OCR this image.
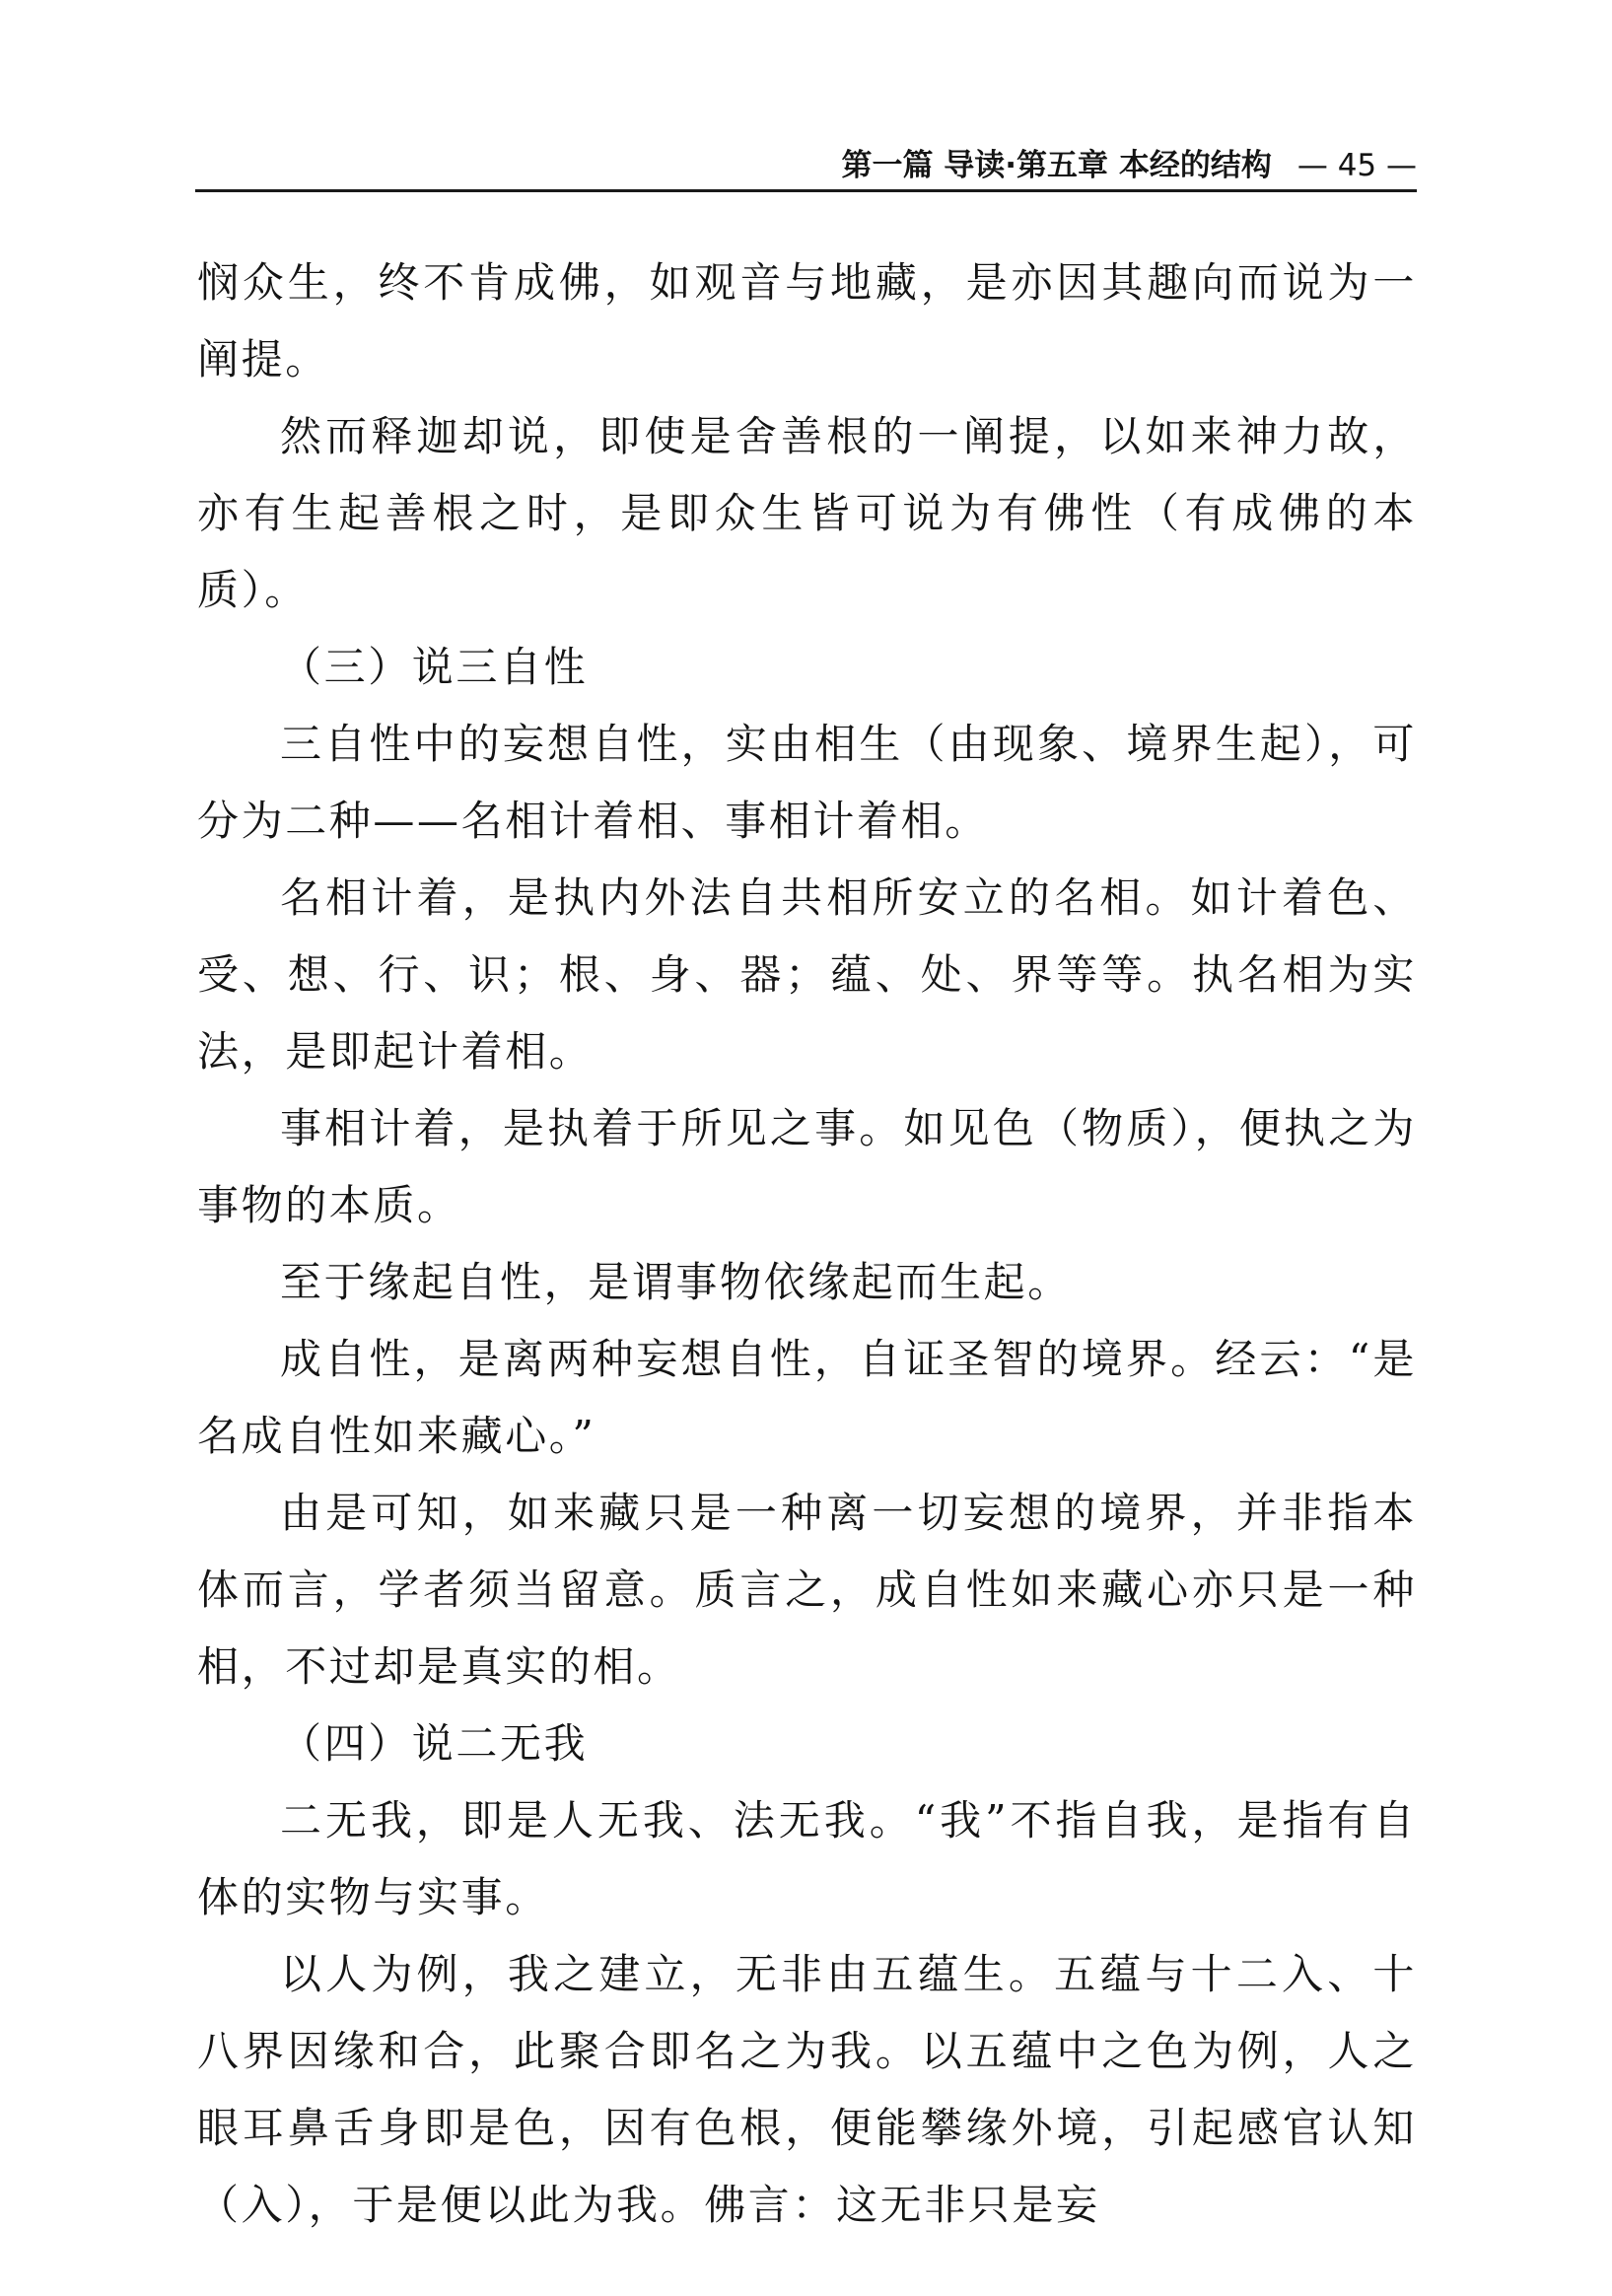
第一篇 导读·第五章 本经的结构 — 45 —

悯众生，终不肯成佛，如观音与地藏，是亦因其趣向而说为一阐提。

然而释迦却说，即使是舍善根的一阐提，以如来神力故，亦有生起善根之时，是即众生皆可说为有佛性（有成佛的本质）。

（三）说三自性

三自性中的妄想自性，实由相生（由现象、境界生起），可分为二种——名相计着相、事相计着相。

名相计着，是执内外法自共相所安立的名相。如计着色、受、想、行、识；根、身、器；蕴、处、界等等。执名相为实法，是即起计着相。

事相计着，是执着于所见之事。如见色（物质），便执之为事物的本质。

至于缘起自性，是谓事物依缘起而生起。

成自性，是离两种妄想自性，自证圣智的境界。经云：“是名成自性如来藏心。”

由是可知，如来藏只是一种离一切妄想的境界，并非指本体而言，学者须当留意。质言之，成自性如来藏心亦只是一种相，不过却是真实的相。

（四）说二无我

二无我，即是人无我、法无我。“我”不指自我，是指有自体的实物与实事。

以人为例，我之建立，无非由五蕴生。五蕴与十二入、十八界因缘和合，此聚合即名之为我。以五蕴中之色为例，人之眼耳鼻舌身即是色，因有色根，便能攀缘外境，引起感官认知（入），于是便以此为我。佛言：这无非只是妄
